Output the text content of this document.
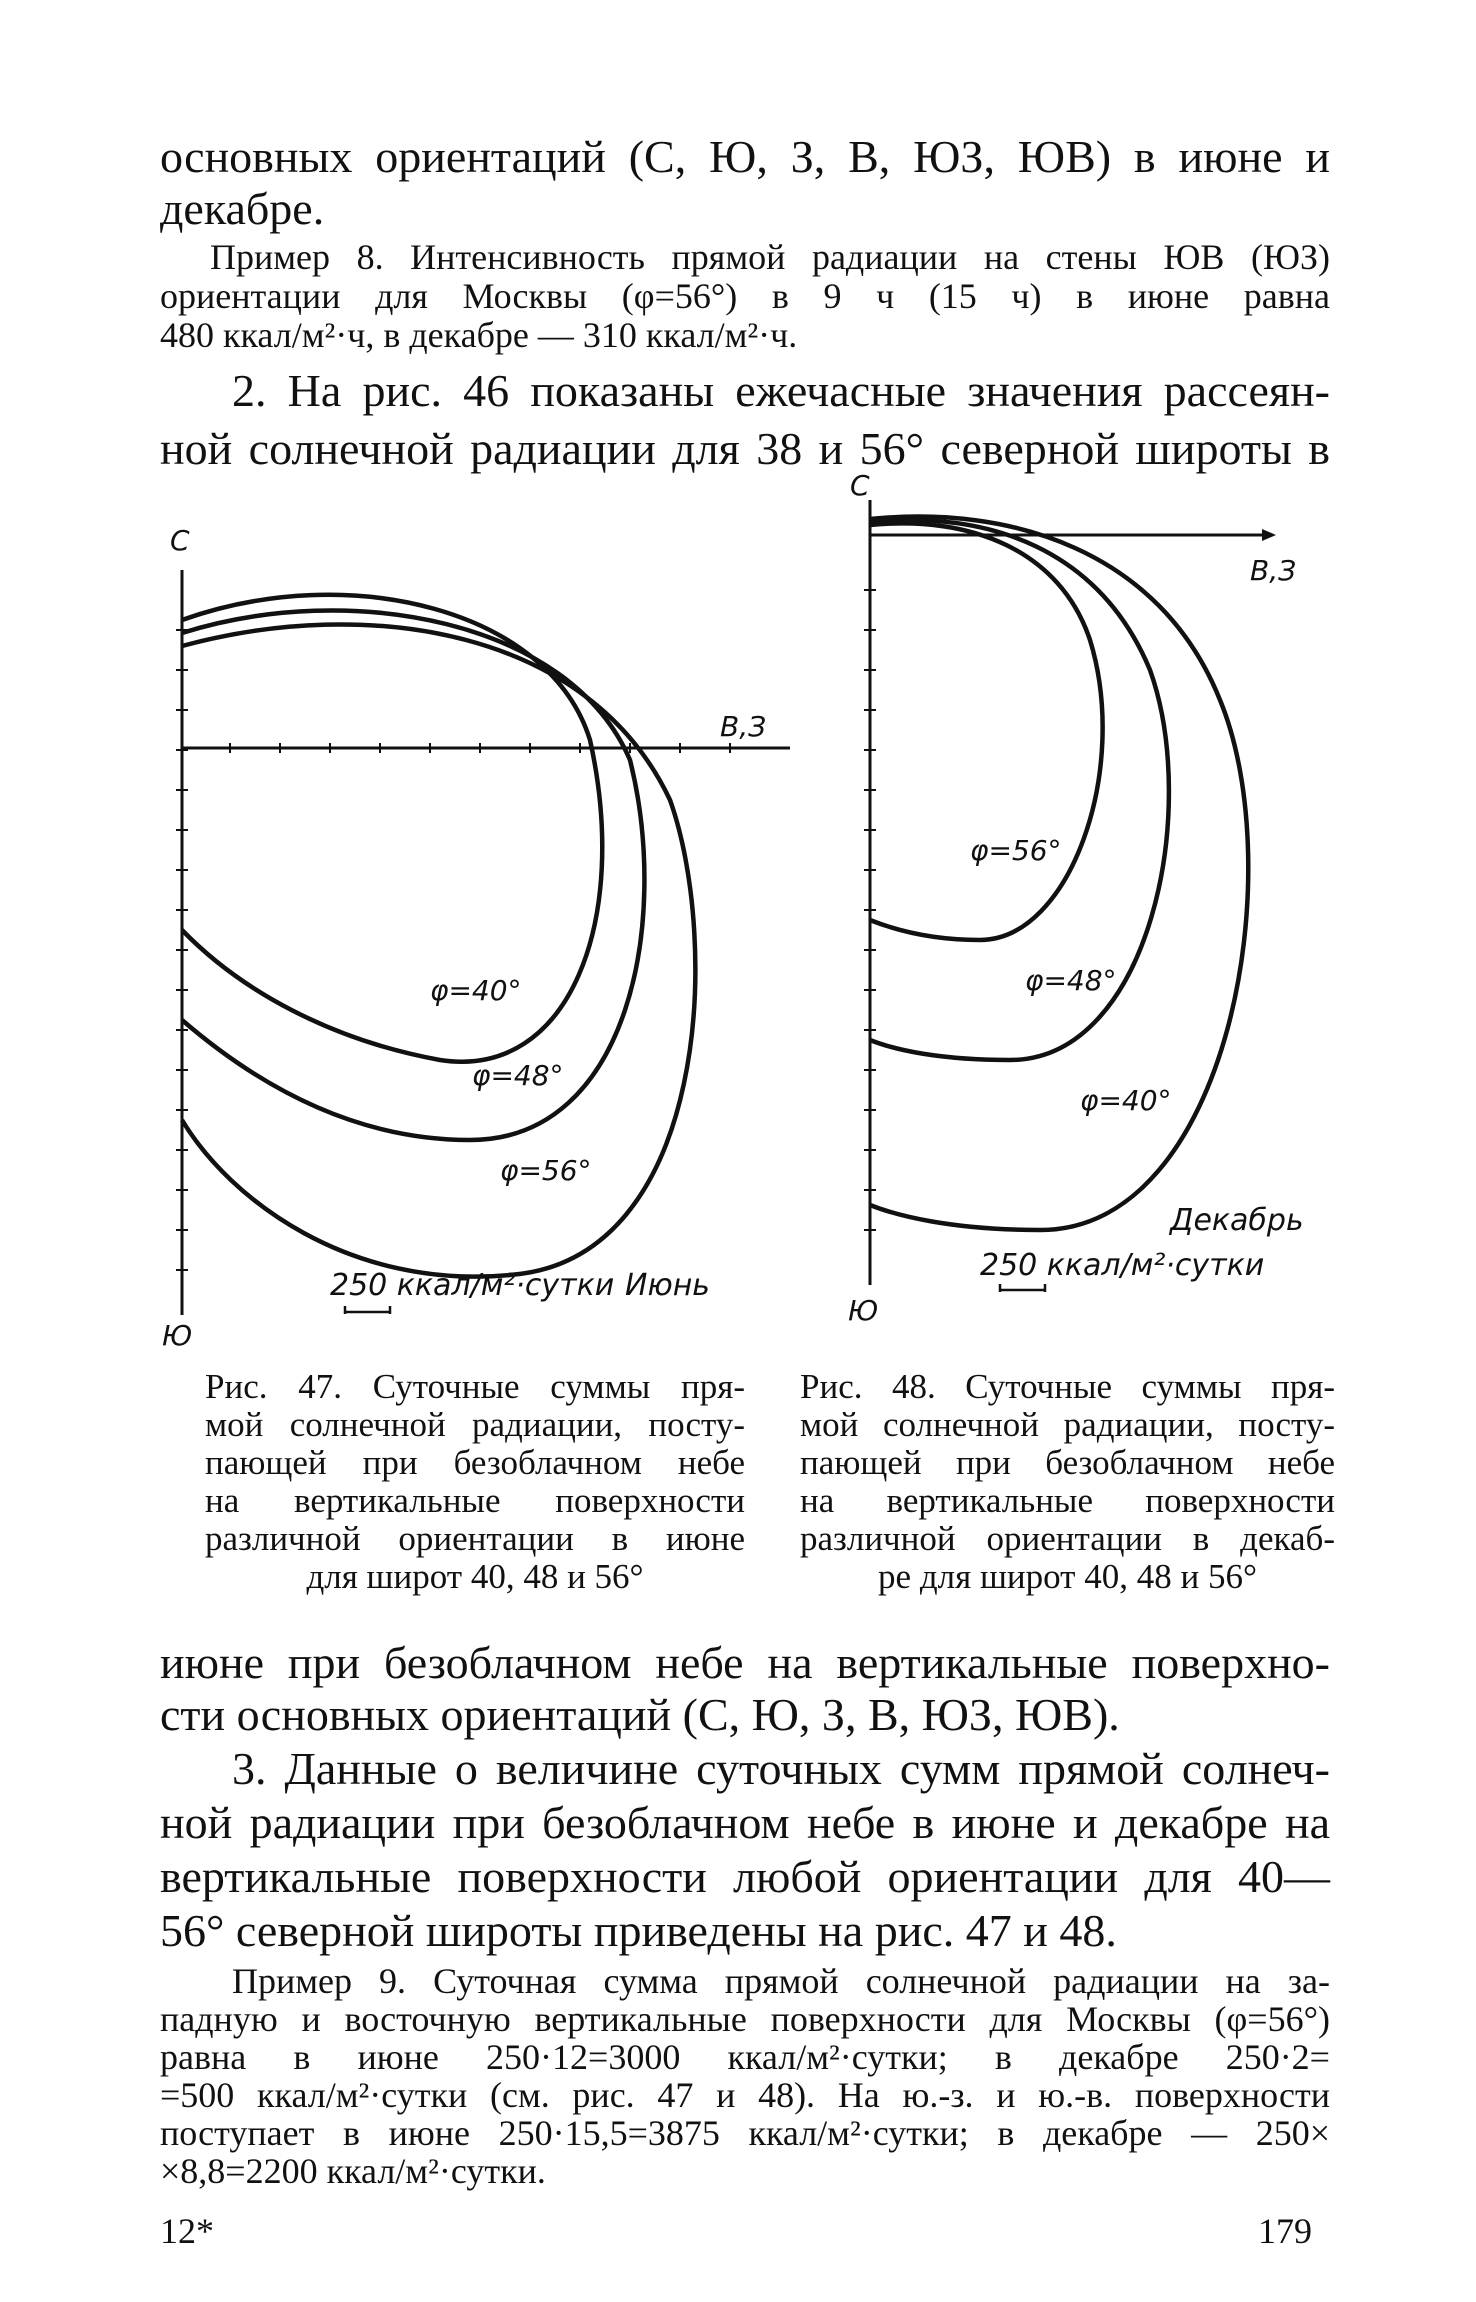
основных ориентаций (С, Ю, З, В, ЮЗ, ЮВ) в июне и
декабре.
Пример 8. Интенсивность прямой радиации на стены ЮВ (ЮЗ)
ориентации для Москвы (φ=56°) в 9 ч (15 ч) в июне равна
480 ккал/м²·ч, в декабре — 310 ккал/м²·ч.
2. На рис. 46 показаны ежечасные значения рассеян-
ной солнечной радиации для 38 и 56° северной широты в
С
Ю
В,З
φ=40°
φ=48°
φ=56°
250 ккал/м²·сутки Июнь
С
Ю
В,З
φ=56°
φ=48°
φ=40°
Декабрь
250 ккал/м²·сутки
Рис. 47. Суточные суммы пря-
мой солнечной радиации, посту-
пающей при безоблачном небе
на вертикальные поверхности
различной ориентации в июне
для широт 40, 48 и 56°
Рис. 48. Суточные суммы пря-
мой солнечной радиации, посту-
пающей при безоблачном небе
на вертикальные поверхности
различной ориентации в декаб-
ре для широт 40, 48 и 56°
июне при безоблачном небе на вертикальные поверхно-
сти основных ориентаций (С, Ю, З, В, ЮЗ, ЮВ).
3. Данные о величине суточных сумм прямой солнеч-
ной радиации при безоблачном небе в июне и декабре на
вертикальные поверхности любой ориентации для 40—
56° северной широты приведены на рис. 47 и 48.
Пример 9. Суточная сумма прямой солнечной радиации на за-
падную и восточную вертикальные поверхности для Москвы (φ=56°)
равна в июне 250·12=3000 ккал/м²·сутки; в декабре 250·2=
=500 ккал/м²·сутки (см. рис. 47 и 48). На ю.-з. и ю.-в. поверхности
поступает в июне 250·15,5=3875 ккал/м²·сутки; в декабре — 250×
×8,8=2200 ккал/м²·сутки.
12*	179
